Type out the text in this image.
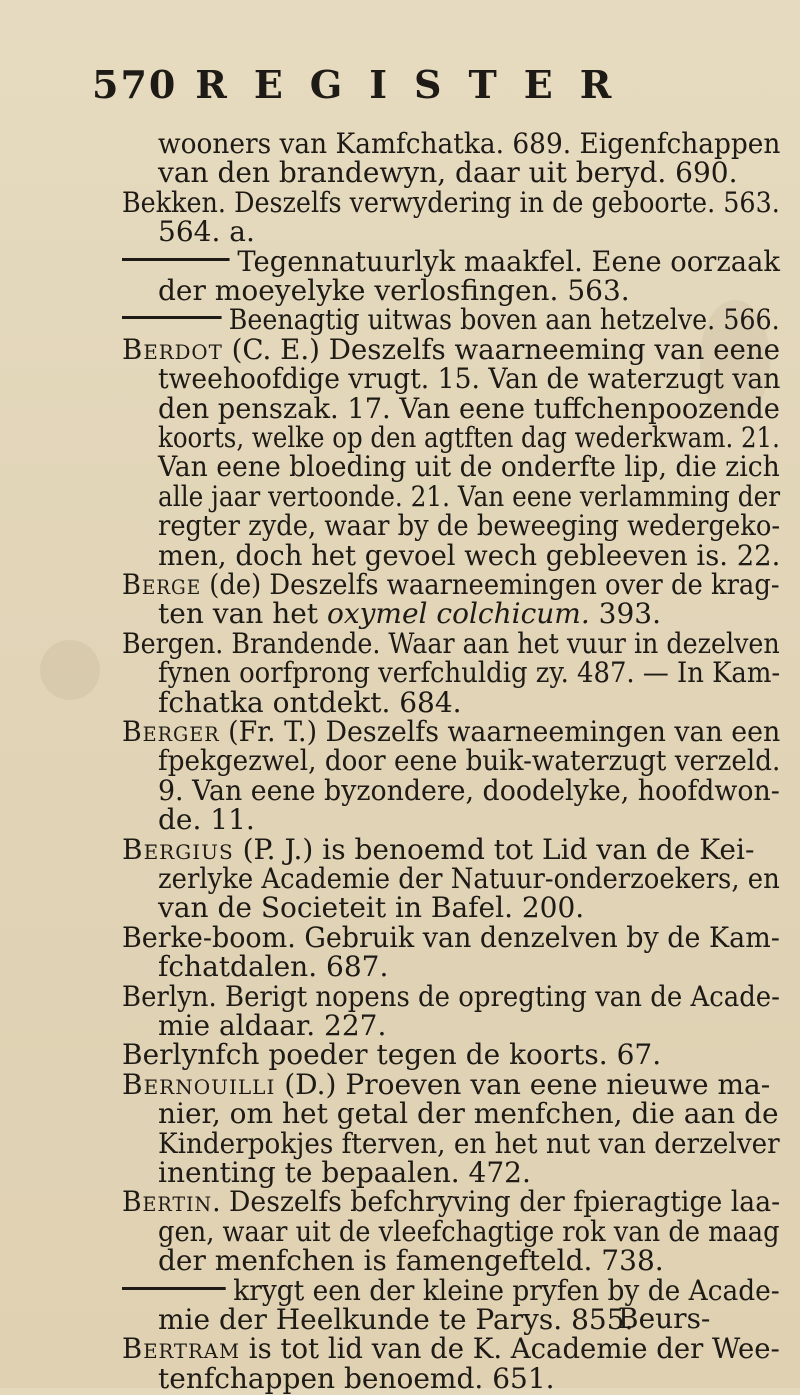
570 REGISTER
wooners van Kamfchatka. 689. Eigenfchappen
van den brandewyn, daar uit beryd. 690.
Bekken. Deszelfs verwydering in de geboorte. 563.
564. a.
Tegennatuurlyk maakfel. Eene oorzaak
der moeyelyke verlosfingen. 563.
Beenagtig uitwas boven aan hetzelve. 566.
Berdot (C. E.) Deszelfs waarneeming van eene
tweehoofdige vrugt. 15. Van de waterzugt van
den penszak. 17. Van eene tuffchenpoozende
koorts, welke op den agtften dag wederkwam. 21.
Van eene bloeding uit de onderfte lip, die zich
alle jaar vertoonde. 21. Van eene verlamming der
regter zyde, waar by de beweeging wedergeko-
men, doch het gevoel wech gebleeven is. 22.
Berge (de) Deszelfs waarneemingen over de krag-
ten van het oxymel colchicum. 393.
Bergen. Brandende. Waar aan het vuur in dezelven
fynen oorfprong verfchuldig zy. 487. — In Kam-
fchatka ontdekt. 684.
Berger (Fr. T.) Deszelfs waarneemingen van een
fpekgezwel, door eene buik-waterzugt verzeld.
9. Van eene byzondere, doodelyke, hoofdwon-
de. 11.
Bergius (P. J.) is benoemd tot Lid van de Kei-
zerlyke Academie der Natuur-onderzoekers, en
van de Societeit in Bafel. 200.
Berke-boom. Gebruik van denzelven by de Kam-
fchatdalen. 687.
Berlyn. Berigt nopens de opregting van de Acade-
mie aldaar. 227.
Berlynfch poeder tegen de koorts. 67.
Bernouilli (D.) Proeven van eene nieuwe ma-
nier, om het getal der menfchen, die aan de
Kinderpokjes fterven, en het nut van derzelver
inenting te bepaalen. 472.
Bertin. Deszelfs befchryving der fpieragtige laa-
gen, waar uit de vleefchagtige rok van de maag
der menfchen is famengefteld. 738.
krygt een der kleine pryfen by de Acade-
mie der Heelkunde te Parys. 855.
Bertram is tot lid van de K. Academie der Wee-
tenfchappen benoemd. 651.
Beurs-
